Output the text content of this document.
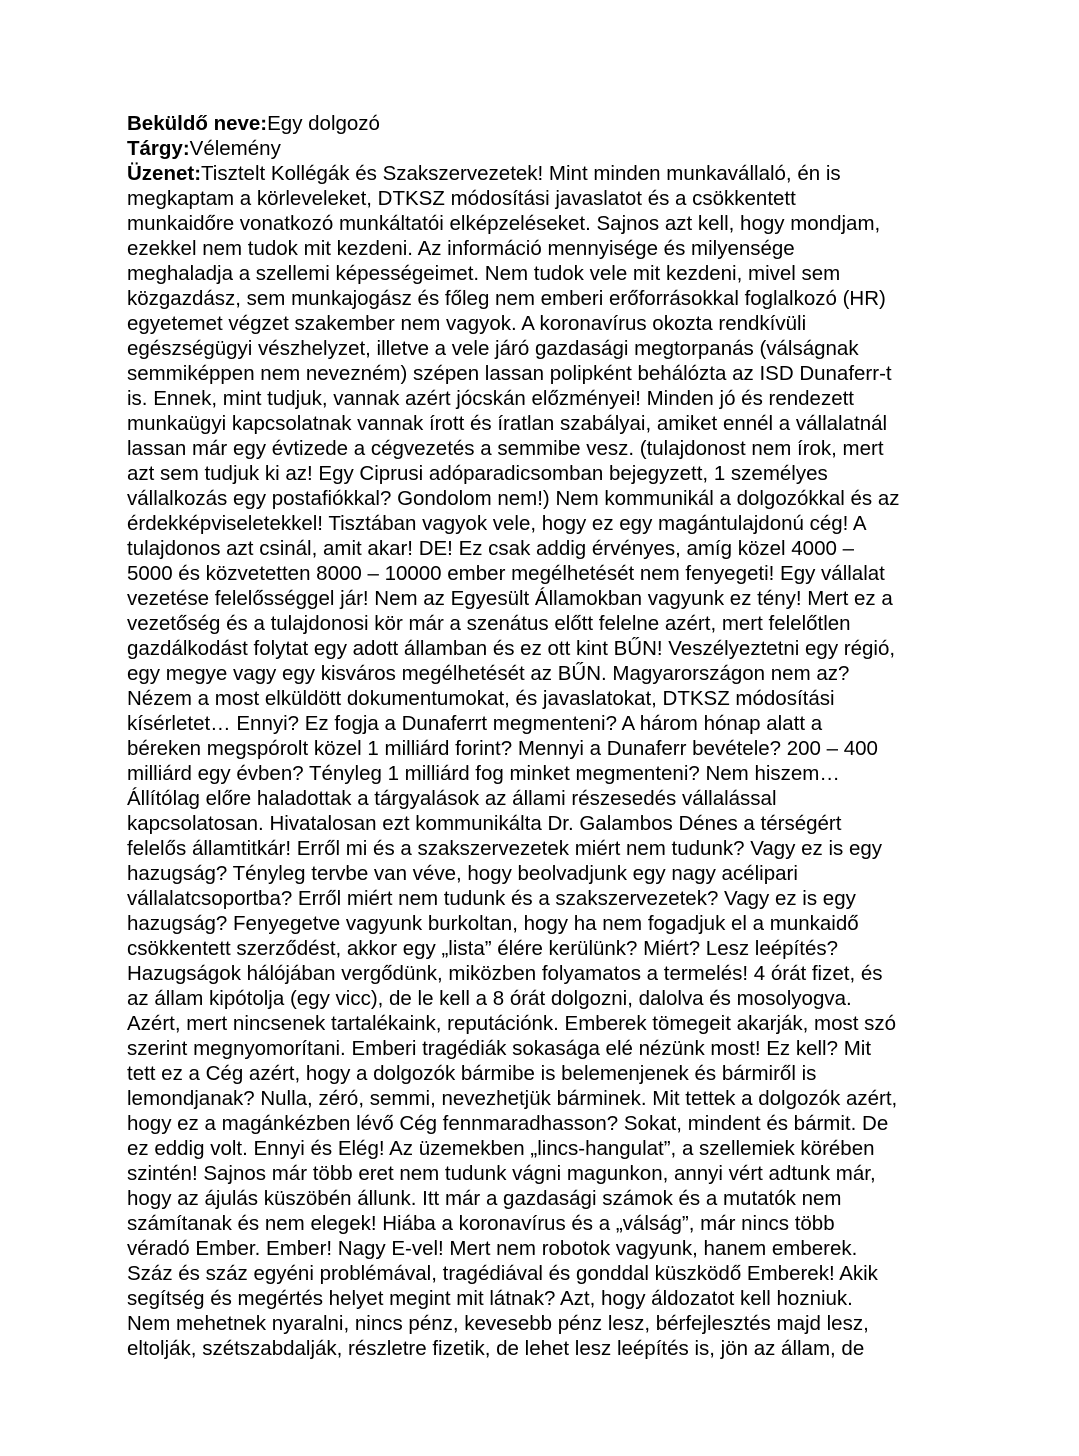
Beküldő neve:Egy dolgozó
Tárgy:Vélemény
Üzenet:Tisztelt Kollégák és Szakszervezetek! Mint minden munkavállaló, én is
megkaptam a körleveleket, DTKSZ módosítási javaslatot és a csökkentett
munkaidőre vonatkozó munkáltatói elképzeléseket. Sajnos azt kell, hogy mondjam,
ezekkel nem tudok mit kezdeni. Az információ mennyisége és milyensége
meghaladja a szellemi képességeimet. Nem tudok vele mit kezdeni, mivel sem
közgazdász, sem munkajogász és főleg nem emberi erőforrásokkal foglalkozó (HR)
egyetemet végzet szakember nem vagyok. A koronavírus okozta rendkívüli
egészségügyi vészhelyzet, illetve a vele járó gazdasági megtorpanás (válságnak
semmiképpen nem nevezném) szépen lassan polipként behálózta az ISD Dunaferr-t
is. Ennek, mint tudjuk, vannak azért jócskán előzményei! Minden jó és rendezett
munkaügyi kapcsolatnak vannak írott és íratlan szabályai, amiket ennél a vállalatnál
lassan már egy évtizede a cégvezetés a semmibe vesz. (tulajdonost nem írok, mert
azt sem tudjuk ki az! Egy Ciprusi adóparadicsomban bejegyzett, 1 személyes
vállalkozás egy postafiókkal? Gondolom nem!) Nem kommunikál a dolgozókkal és az
érdekképviseletekkel! Tisztában vagyok vele, hogy ez egy magántulajdonú cég! A
tulajdonos azt csinál, amit akar! DE! Ez csak addig érvényes, amíg közel 4000 –
5000 és közvetetten 8000 – 10000 ember megélhetését nem fenyegeti! Egy vállalat
vezetése felelősséggel jár! Nem az Egyesült Államokban vagyunk ez tény! Mert ez a
vezetőség és a tulajdonosi kör már a szenátus előtt felelne azért, mert felelőtlen
gazdálkodást folytat egy adott államban és ez ott kint BŰN! Veszélyeztetni egy régió,
egy megye vagy egy kisváros megélhetését az BŰN. Magyarországon nem az?
Nézem a most elküldött dokumentumokat, és javaslatokat, DTKSZ módosítási
kísérletet… Ennyi? Ez fogja a Dunaferrt megmenteni? A három hónap alatt a
béreken megspórolt közel 1 milliárd forint? Mennyi a Dunaferr bevétele? 200 – 400
milliárd egy évben? Tényleg 1 milliárd fog minket megmenteni? Nem hiszem…
Állítólag előre haladottak a tárgyalások az állami részesedés vállalással
kapcsolatosan. Hivatalosan ezt kommunikálta Dr. Galambos Dénes a térségért
felelős államtitkár! Erről mi és a szakszervezetek miért nem tudunk? Vagy ez is egy
hazugság? Tényleg tervbe van véve, hogy beolvadjunk egy nagy acélipari
vállalatcsoportba? Erről miért nem tudunk és a szakszervezetek? Vagy ez is egy
hazugság? Fenyegetve vagyunk burkoltan, hogy ha nem fogadjuk el a munkaidő
csökkentett szerződést, akkor egy „lista” élére kerülünk? Miért? Lesz leépítés?
Hazugságok hálójában vergődünk, miközben folyamatos a termelés! 4 órát fizet, és
az állam kipótolja (egy vicc), de le kell a 8 órát dolgozni, dalolva és mosolyogva.
Azért, mert nincsenek tartalékaink, reputációnk. Emberek tömegeit akarják, most szó
szerint megnyomorítani. Emberi tragédiák sokasága elé nézünk most! Ez kell? Mit
tett ez a Cég azért, hogy a dolgozók bármibe is belemenjenek és bármiről is
lemondjanak? Nulla, zéró, semmi, nevezhetjük bárminek. Mit tettek a dolgozók azért,
hogy ez a magánkézben lévő Cég fennmaradhasson? Sokat, mindent és bármit. De
ez eddig volt. Ennyi és Elég! Az üzemekben „lincs-hangulat”, a szellemiek körében
szintén! Sajnos már több eret nem tudunk vágni magunkon, annyi vért adtunk már,
hogy az ájulás küszöbén állunk. Itt már a gazdasági számok és a mutatók nem
számítanak és nem elegek! Hiába a koronavírus és a „válság”, már nincs több
véradó Ember. Ember! Nagy E-vel! Mert nem robotok vagyunk, hanem emberek.
Száz és száz egyéni problémával, tragédiával és gonddal küszködő Emberek! Akik
segítség és megértés helyet megint mit látnak? Azt, hogy áldozatot kell hozniuk.
Nem mehetnek nyaralni, nincs pénz, kevesebb pénz lesz, bérfejlesztés majd lesz,
eltolják, szétszabdalják, részletre fizetik, de lehet lesz leépítés is, jön az állam, de
